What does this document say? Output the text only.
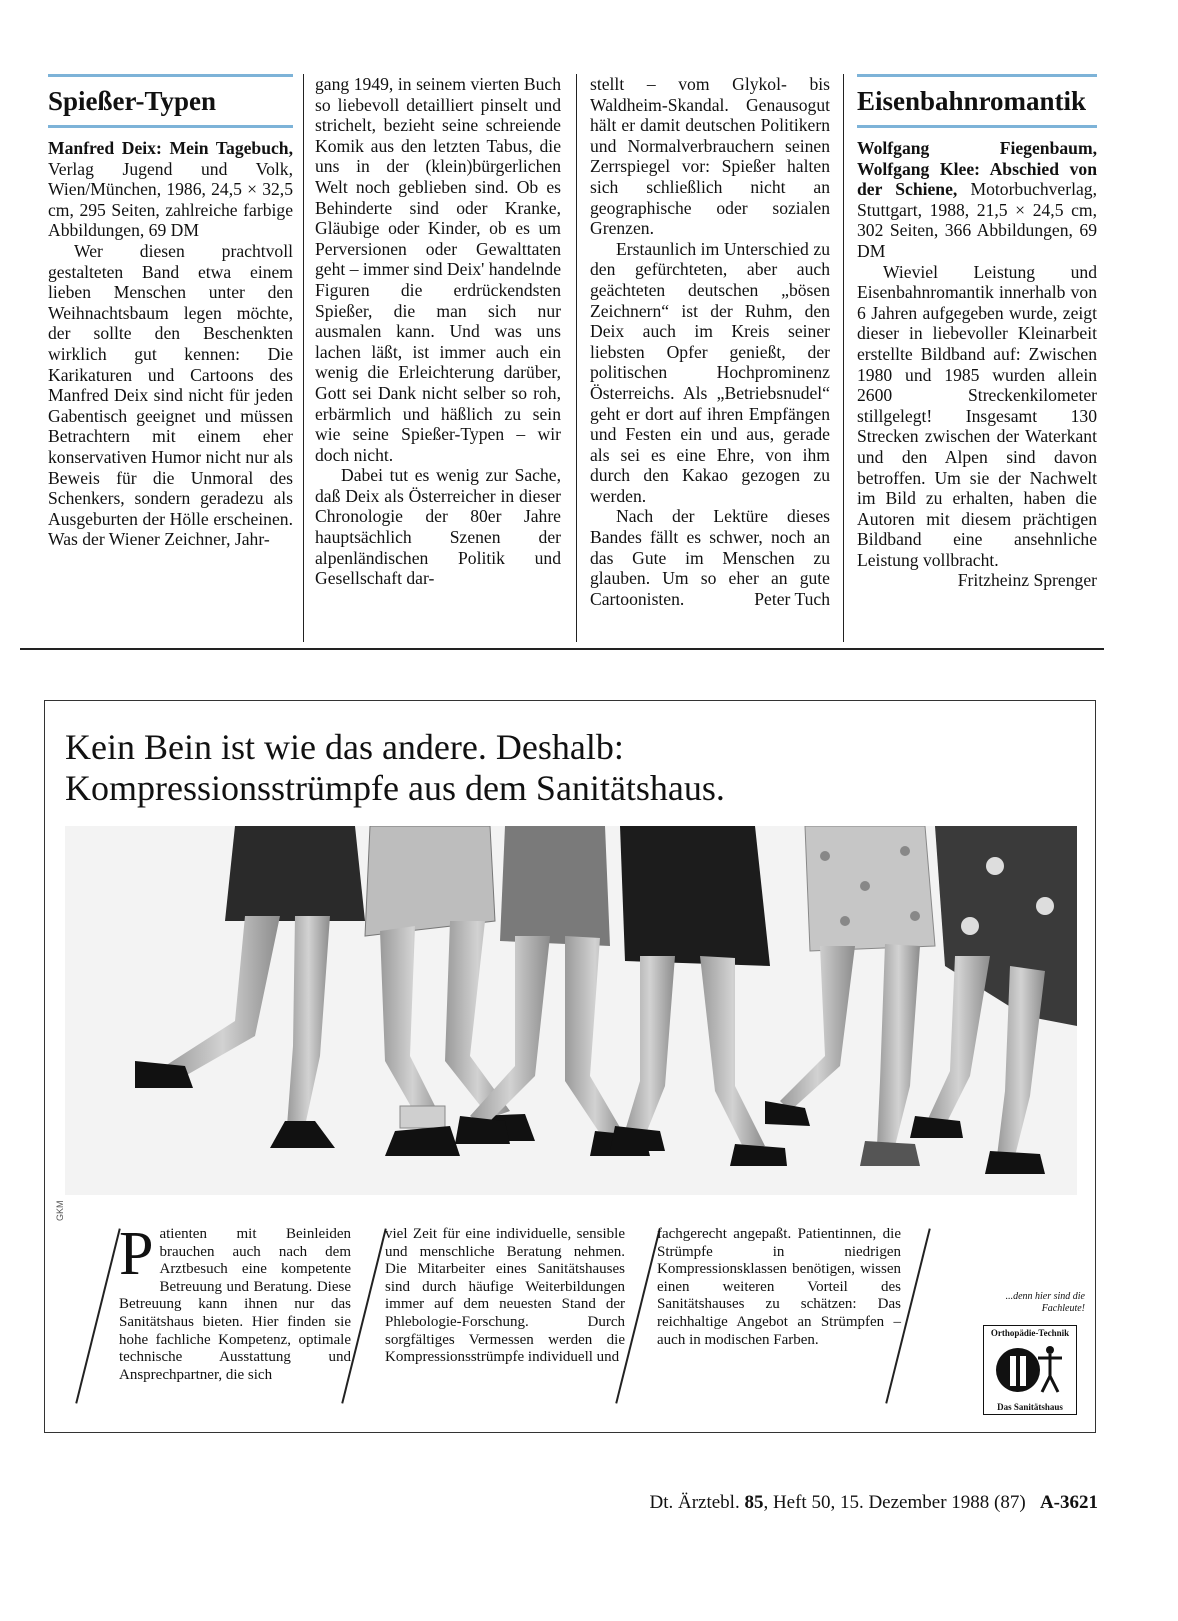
Spießer-Typen

Manfred Deix: Mein Tagebuch, Verlag Jugend und Volk, Wien/München, 1986, 24,5 × 32,5 cm, 295 Seiten, zahlreiche farbige Abbildungen, 69 DM

Wer diesen prachtvoll gestalteten Band etwa einem lieben Menschen unter den Weihnachtsbaum legen möchte, der sollte den Beschenkten wirklich gut kennen: Die Karikaturen und Cartoons des Manfred Deix sind nicht für jeden Gabentisch geeignet und müssen Betrachtern mit einem eher konservativen Humor nicht nur als Beweis für die Unmoral des Schenkers, sondern geradezu als Ausgeburten der Hölle erscheinen. Was der Wiener Zeichner, Jahr-

gang 1949, in seinem vierten Buch so liebevoll detailliert pinselt und strichelt, bezieht seine schreiende Komik aus den letzten Tabus, die uns in der (klein)bürgerlichen Welt noch geblieben sind. Ob es Behinderte sind oder Kranke, Gläubige oder Kinder, ob es um Perversionen oder Gewalttaten geht – immer sind Deix' handelnde Figuren die erdrückendsten Spießer, die man sich nur ausmalen kann. Und was uns lachen läßt, ist immer auch ein wenig die Erleichterung darüber, Gott sei Dank nicht selber so roh, erbärmlich und häßlich zu sein wie seine Spießer-Typen – wir doch nicht.

Dabei tut es wenig zur Sache, daß Deix als Österreicher in dieser Chronologie der 80er Jahre hauptsächlich Szenen der alpenländischen Politik und Gesellschaft dar-

stellt – vom Glykol- bis Waldheim-Skandal. Genausogut hält er damit deutschen Politikern und Normalverbrauchern seinen Zerrspiegel vor: Spießer halten sich schließlich nicht an geographische oder sozialen Grenzen.

Erstaunlich im Unterschied zu den gefürchteten, aber auch geächteten deutschen „bösen Zeichnern“ ist der Ruhm, den Deix auch im Kreis seiner liebsten Opfer genießt, der politischen Hochprominenz Österreichs. Als „Betriebsnudel“ geht er dort auf ihren Empfängen und Festen ein und aus, gerade als sei es eine Ehre, von ihm durch den Kakao gezogen zu werden.

Nach der Lektüre dieses Bandes fällt es schwer, noch an das Gute im Menschen zu glauben. Um so eher an gute Cartoonisten.	Peter Tuch

Eisenbahnromantik

Wolfgang Fiegenbaum, Wolfgang Klee: Abschied von der Schiene, Motorbuchverlag, Stuttgart, 1988, 21,5 × 24,5 cm, 302 Seiten, 366 Abbildungen, 69 DM

Wieviel Leistung und Eisenbahnromantik innerhalb von 6 Jahren aufgegeben wurde, zeigt dieser in liebevoller Kleinarbeit erstellte Bildband auf: Zwischen 1980 und 1985 wurden allein 2600 Streckenkilometer stillgelegt! Insgesamt 130 Strecken zwischen der Waterkant und den Alpen sind davon betroffen. Um sie der Nachwelt im Bild zu erhalten, haben die Autoren mit diesem prächtigen Bildband eine ansehnliche Leistung vollbracht.

Fritzheinz Sprenger

Kein Bein ist wie das andere. Deshalb:
Kompressionsstrümpfe aus dem Sanitätshaus.
GKM
Patienten mit Beinleiden brauchen auch nach dem Arztbesuch eine kompetente Betreuung und Beratung. Diese Betreuung kann ihnen nur das Sanitätshaus bieten. Hier finden sie hohe fachliche Kompetenz, optimale technische Ausstattung und Ansprechpartner, die sich
viel Zeit für eine individuelle, sensible und menschliche Beratung nehmen. Die Mitarbeiter eines Sanitätshauses sind durch häufige Weiterbildungen immer auf dem neuesten Stand der Phlebologie-Forschung. Durch sorgfältiges Vermessen werden die Kompressionsstrümpfe individuell und
fachgerecht angepaßt. Patientinnen, die Strümpfe in niedrigen Kompressionsklassen benötigen, wissen einen weiteren Vorteil des Sanitätshauses zu schätzen: Das reichhaltige Angebot an Strümpfen – auch in modischen Farben.
...denn hier sind die Fachleute!
Orthopädie-Technik
Das Sanitätshaus
Dt. Ärztebl. 85, Heft 50, 15. Dezember 1988 (87) A-3621
